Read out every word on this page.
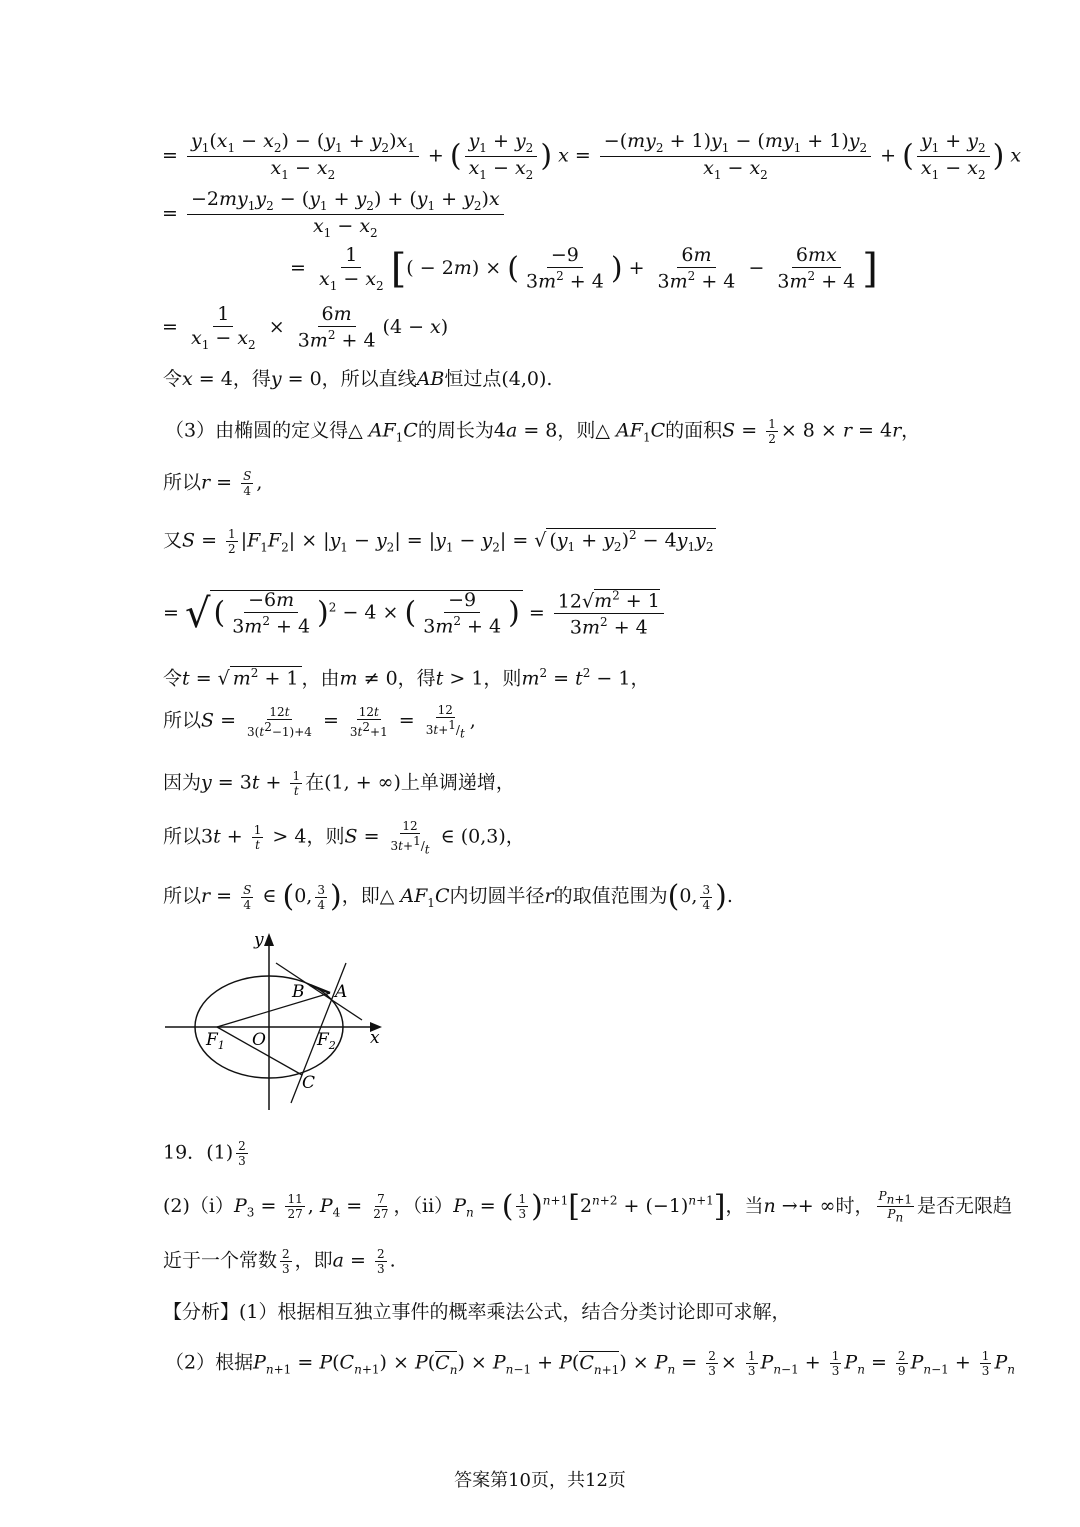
= $\frac{y_1(x_1 - x_2) - (y_1 + y_2)x_1}{x_1 - x_2}$ + ( $\frac{y_1 + y_2}{x_1 - x_2}$ ) $x = \frac{-(my_2 + 1)y_1 - (my_1 + 1)y_2}{x_1 - x_2}$ + ( $\frac{y_1 + y_2}{x_1 - x_2}$ ) x
= $\frac{-2my_1y_2 - (y_1 + y_2) + (y_1 + y_2)x}{x_1 - x_2}$
= $\frac{1}{x_1 - x_2}$ [( − 2m) × ( $\frac{-9}{3m^2 + 4}$ ) + $\frac{6m}{3m^2 + 4} - \frac{6mx}{3m^2 + 4}$ ]
= $\frac{1}{x_1 - x_2} \times \frac{6m}{3m^2 + 4} (4 - x)$
令x = 4，得y = 0，所以直线AB恒过点(4,0).
（3）由椭圆的定义得△ $AF_1C$的周长为4a = 8，则△ $AF_1C$的面积$S = \frac{1}{2} \times 8 \times r = 4r$，
所以$r = \frac{S}{4}$ ,
又$S = \frac{1}{2} |F_1F_2| \times |y_1 - y_2| = |y_1 - y_2|$ = √ $(y_1 + y_2)^2 - 4y_1y_2$
= √ ( $\frac{-6m}{3m^2 + 4} )^2 - 4$ × ( $\frac{-9}{3m^2 + 4}$ ) = $\frac{12√m^2 + 1}{3m^2 + 4}$
令t = √ $m^2 + 1$ ，由m ≠ 0，得t > 1，则$m^2 = t^2 - 1$，
所以$S = \frac{12t}{3(t^2-1)+4} = \frac{12t}{3t^2+1} = \frac{12}{3t+^1/_t}$ ,
因为$y = 3t + \frac{1}{t}$ 在(1, + ∞)上单调递增，
所以$3t + \frac{1}{t} > 4$，则$S = \frac{12}{3t+^1/_t}$ ∈ (0,3)，
所以$r = \frac{S}{4}$ ∈ (0, $\frac{3}{4}$ )，即△ $AF_1C$内切圆半径r的取值范围为(0, $\frac{3}{4}$ ).
y
x
O
$F_1$	$F_2$
A
B
C
19．$(1) \frac{2}{3}$
$(2)(i)P_3 = \frac{11}{27}$ , $P_4 = \frac{7}{27}$ ，$(ii)P_n$ = ( $\frac{1}{3} )^{n+1}[2^{n+2} + (-1)^{n+1}]$，当n →+ ∞时， $\frac{P_{n+1}}{P_n}$ 是否无限趋
近于一个常数 $\frac{2}{3}$ ，即$a = \frac{2}{3}$ .
【分析】(1）根据相互独立事件的概率乘法公式，结合分类讨论即可求解，
（2）根据$P_{n+1} = P(C_{n+1}) \times P(C_n) \times P_{n-1} + P(C_{n+1}) \times P_n = \frac{2}{3} \times \frac{1}{3} P_{n-1} + \frac{1}{3} P_n = \frac{2}{9} P_{n-1} + \frac{1}{3} P_n$
答案第10页，共12页
